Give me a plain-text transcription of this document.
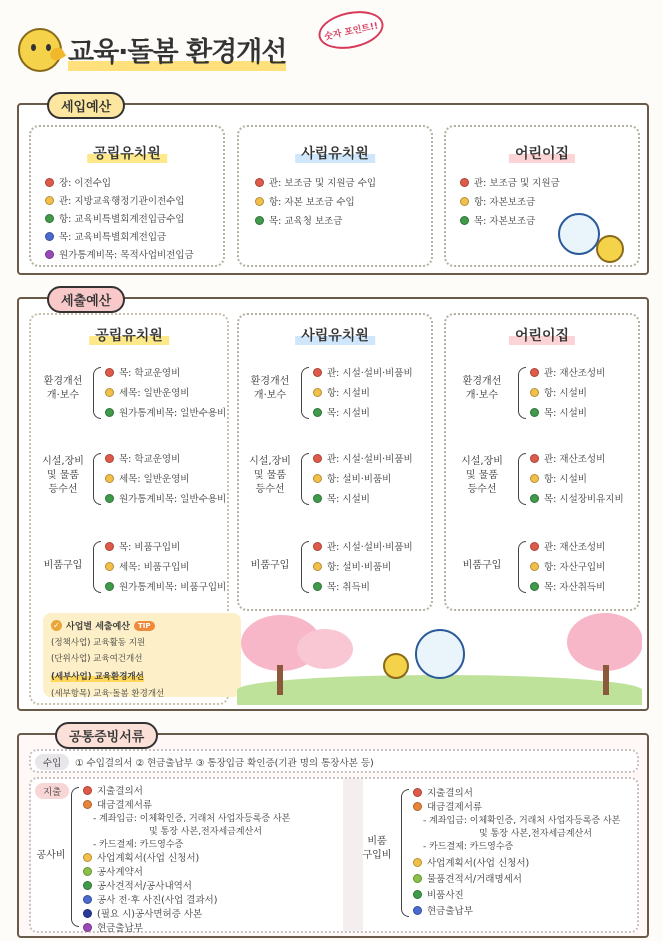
교육·돌봄 환경개선
숫자 포인트!!
세입예산
공립유치원
장: 이전수입
관: 지방교육행정기관이전수입
항: 교육비특별회계전입금수입
목: 교육비특별회계전입금
원가통계비목: 목적사업비전입금
사립유치원
관: 보조금 및 지원금 수입
항: 자본 보조금 수입
목: 교육청 보조금
어린이집
관: 보조금 및 지원금
항: 자본보조금
목: 자본보조금
세출예산
공립유치원
환경개선
개·보수
목: 학교운영비
세목: 일반운영비
원가통계비목: 일반수용비
시설,장비
및 물품
등수선
목: 학교운영비
세목: 일반운영비
원가통계비목: 일반수용비
비품구입
목: 비품구입비
세목: 비품구입비
원가통계비목: 비품구입비
✓ 사업별 세출예산	TIP
(정책사업) 교육활동 지원
(단위사업) 교육여건개선
(세부사업) 교육환경개선
(세부항목) 교육·돌봄 환경개선
사립유치원
환경개선
개·보수
관: 시설·설비·비품비
항: 시설비
목: 시설비
시설,장비
및 물품
등수선
관: 시설·설비·비품비
항: 설비·비품비
목: 시설비
비품구입
관: 시설·설비·비품비
항: 설비·비품비
목: 취득비
어린이집
환경개선
개·보수
관: 재산조성비
항: 시설비
목: 시설비
시설,장비
및 물품
등수선
관: 재산조성비
항: 시설비
목: 시설장비유지비
비품구입
관: 재산조성비
항: 자산구입비
목: 자산취득비
공통증빙서류
수입	① 수입결의서 ② 현금출납부 ③ 통장입금 확인증(기관 명의 통장사본 등)
지출
공사비
지출결의서
대금결제서류
- 계좌입금: 이체확인증, 거래처 사업자등록증 사본
및 통장 사본,전자세금계산서
- 카드결제: 카드영수증
사업계획서(사업 신청서)
공사계약서
공사견적서/공사내역서
공사 전·후 사진(사업 결과서)
(필요 시)공사면허증 사본
현금출납부
비품
구입비
지출결의서
대금결제서류
- 계좌입금: 이체확인증, 거래처 사업자등록증 사본
및 통장 사본,전자세금계산서
- 카드결제: 카드영수증
사업계획서(사업 신청서)
물품견적서/거래명세서
비품사진
현금출납부
